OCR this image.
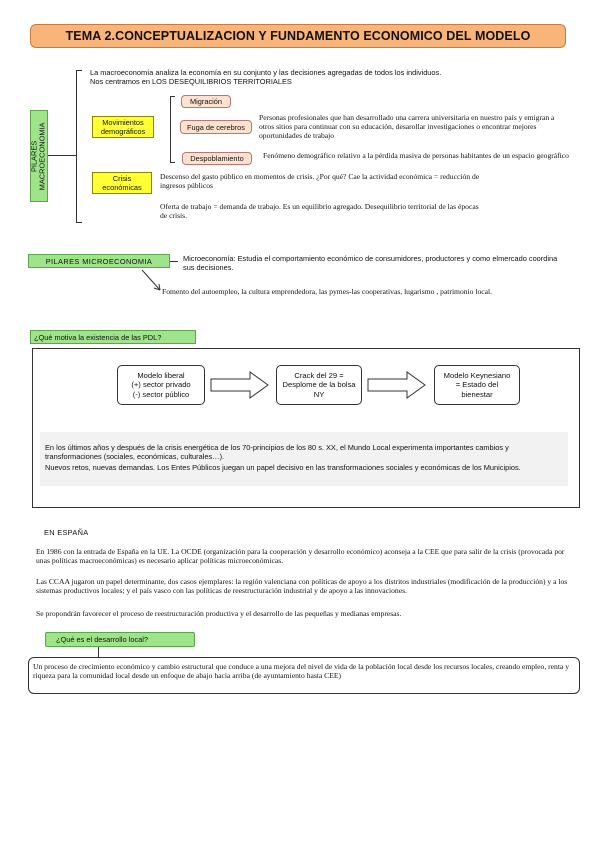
TEMA 2.CONCEPTUALIZACION Y FUNDAMENTO ECONOMICO DEL MODELO
PILARES MACROECONOMIA
La macroeconomía analiza la economía en su conjunto y las decisiones agregadas de todos los individuos.
Nos centramos en LOS DESEQUILIBRIOS TERRITORIALES
Movimientos demográficos
Migración
Fuga de cerebros
Personas profesionales que han desarrollado una carrera universitaria en nuestro país y emigran a otros sitios para continuar con su educación, desarollar investigaciones o encontrar mejores oportunidades de trabajo
Despoblamiento	Fenómeno demográfico relativo a la pérdida masiva de personas habitantes de un espacio geográfico
Crisis económicas
Descenso del gasto público en momentos de crisis. ¿Por qué? Cae la actividad económica = reducción de ingresos públicos
Oferta de trabajo = demanda de trabajo. Es un equilibrio agregado. Desequilibrio territorial de las épocas de crisis.
PILARES MICROECONOMIA	Microeconomía: Estudia el comportamiento económico de consumidores, productores y como elmercado coordina sus decisiones.
Fomento del autoempleo, la cultura emprendedora, las pymes-las cooperativas, lugarismo , patrimonio local.
¿Qué motiva la existencia de las PDL?
Modelo liberal
(+) sector privado
(-) sector público
Crack del 29 =
Desplome de la bolsa
NY
Modelo Keynesiano
= Estado del
bienestar
En los últimos años y después de la crisis energética de los 70-principios de los 80 s. XX, el Mundo Local experimenta importantes cambios y transformaciones (sociales, económicas, culturales…).
Nuevos retos, nuevas demandas. Los Entes Públicos juegan un papel decisivo en las transformaciones sociales y económicas de los Municipios.
EN ESPAÑA
En 1986 con la entrada de España en la UE. La OCDE (organización para la cooperación y desarrollo económico) aconseja a la CEE que para salir de la crisis (provocada por unas políticas macroeconómicas) es necesario aplicar políticas microeconómicas.
Las CCAA jugaron un papel determinante, dos casos ejemplares: la región valenciana con políticas de apoyo a los distritos industriales (modificación de la producción) y a los sistemas productivos locales; y el país vasco con las políticas de reestructuración industrial y de apoyo a las innovaciones.
Se propondrán favorecer el proceso de reestructuración productiva y el desarrollo de las pequeñas y medianas empresas.
¿Qué es el desarrollo local?
Un proceso de crecimiento económico y cambio estructural que conduce a una mejora del nivel de vida de la población local desde los recursos locales, creando empleo, renta y riqueza para la comunidad local desde un enfoque de abajo hacia arriba (de ayuntamiento hasta CEE)
